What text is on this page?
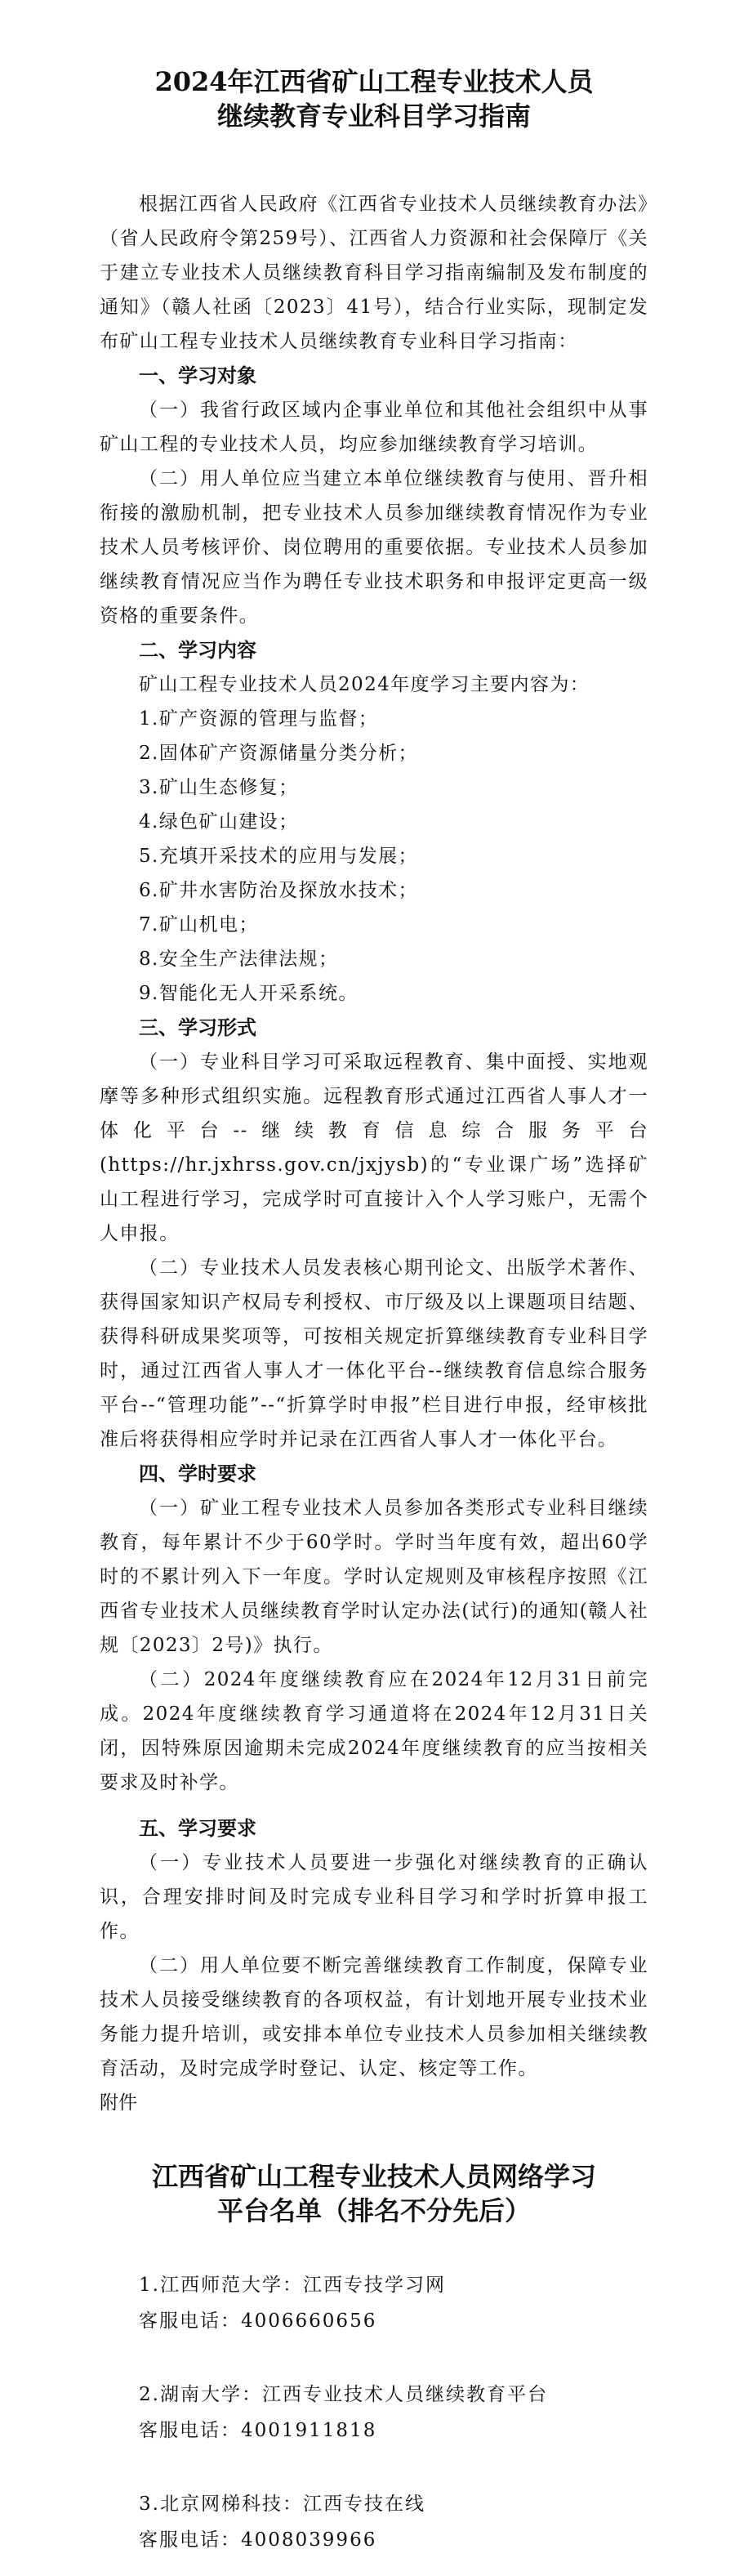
2024年江西省矿山工程专业技术人员
继续教育专业科目学习指南

根据江西省人民政府《江西省专业技术人员继续教育办法》（省人民政府令第259号）、江西省人力资源和社会保障厅《关于建立专业技术人员继续教育科目学习指南编制及发布制度的通知》（赣人社函〔2023〕41号），结合行业实际，现制定发布矿山工程专业技术人员继续教育专业科目学习指南：

一、学习对象

（一）我省行政区域内企事业单位和其他社会组织中从事矿山工程的专业技术人员，均应参加继续教育学习培训。

（二）用人单位应当建立本单位继续教育与使用、晋升相衔接的激励机制，把专业技术人员参加继续教育情况作为专业技术人员考核评价、岗位聘用的重要依据。专业技术人员参加继续教育情况应当作为聘任专业技术职务和申报评定更高一级资格的重要条件。

二、学习内容

矿山工程专业技术人员2024年度学习主要内容为：

1.矿产资源的管理与监督；

2.固体矿产资源储量分类分析；

3.矿山生态修复；

4.绿色矿山建设；

5.充填开采技术的应用与发展；

6.矿井水害防治及探放水技术；

7.矿山机电；

8.安全生产法律法规；

9.智能化无人开采系统。

三、学习形式

（一）专业科目学习可采取远程教育、集中面授、实地观摩等多种形式组织实施。远程教育形式通过江西省人事人才一体化平台--继续教育信息综合服务平台(https://hr.jxhrss.gov.cn/jxjysb)的“专业课广场”选择矿山工程进行学习，完成学时可直接计入个人学习账户，无需个人申报。

（二）专业技术人员发表核心期刊论文、出版学术著作、获得国家知识产权局专利授权、市厅级及以上课题项目结题、获得科研成果奖项等，可按相关规定折算继续教育专业科目学时，通过江西省人事人才一体化平台--继续教育信息综合服务平台--“管理功能”--“折算学时申报”栏目进行申报，经审核批准后将获得相应学时并记录在江西省人事人才一体化平台。

四、学时要求

（一）矿业工程专业技术人员参加各类形式专业科目继续教育，每年累计不少于60学时。学时当年度有效，超出60学时的不累计列入下一年度。学时认定规则及审核程序按照《江西省专业技术人员继续教育学时认定办法(试行)的通知(赣人社规〔2023〕2号)》执行。

（二）2024年度继续教育应在2024年12月31日前完成。2024年度继续教育学习通道将在2024年12月31日关闭，因特殊原因逾期未完成2024年度继续教育的应当按相关要求及时补学。

五、学习要求

（一）专业技术人员要进一步强化对继续教育的正确认识，合理安排时间及时完成专业科目学习和学时折算申报工作。

（二）用人单位要不断完善继续教育工作制度，保障专业技术人员接受继续教育的各项权益，有计划地开展专业技术业务能力提升培训，或安排本单位专业技术人员参加相关继续教育活动，及时完成学时登记、认定、核定等工作。

附件

江西省矿山工程专业技术人员网络学习
平台名单（排名不分先后）

1.江西师范大学：江西专技学习网

客服电话：4006660656

2.湖南大学：江西专业技术人员继续教育平台

客服电话：4001911818

3.北京网梯科技：江西专技在线

客服电话：4008039966
